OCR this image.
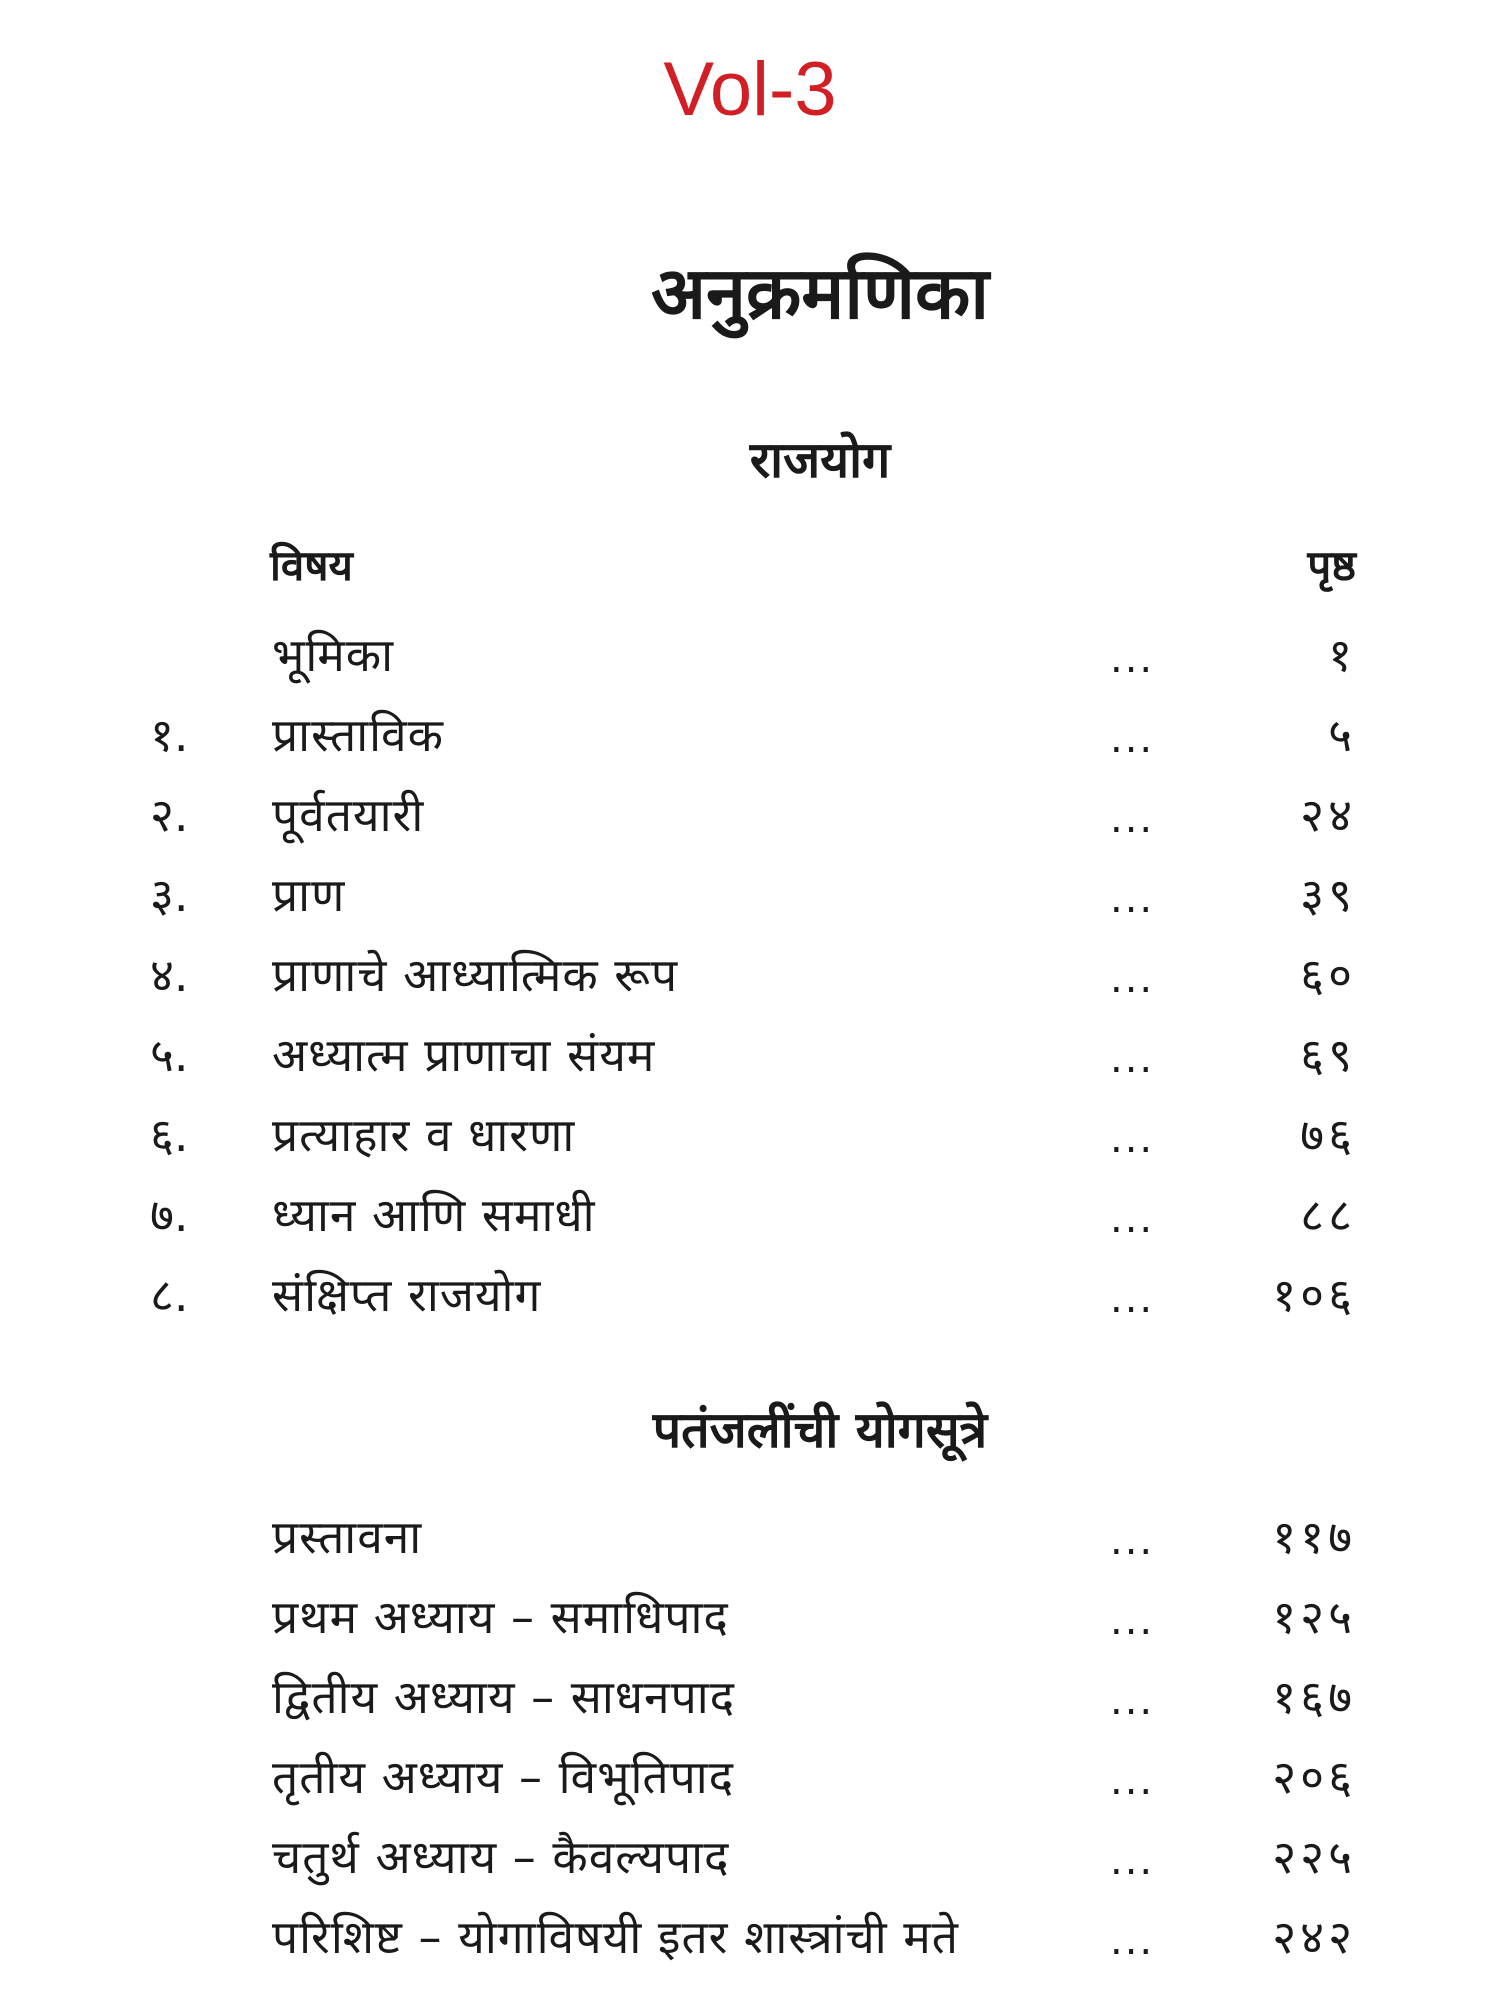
Vol-3
अनुक्रमणिका
राजयोग
विषय	पृष्ठ
भूमिका	...	१
१. प्रास्ताविक	...	५
२. पूर्वतयारी	...	२४
३. प्राण	...	३९
४. प्राणाचे आध्यात्मिक रूप	...	६०
५. अध्यात्म प्राणाचा संयम	...	६९
६. प्रत्याहार व धारणा	...	७६
७. ध्यान आणि समाधी	...	८८
८. संक्षिप्त राजयोग	...	१०६
पतंजलींची योगसूत्रे
प्रस्तावना	...	११७
प्रथम अध्याय – समाधिपाद	...	१२५
द्वितीय अध्याय – साधनपाद	...	१६७
तृतीय अध्याय – विभूतिपाद	...	२०६
चतुर्थ अध्याय – कैवल्यपाद	...	२२५
परिशिष्ट – योगाविषयी इतर शास्त्रांची मते	...	२४२
